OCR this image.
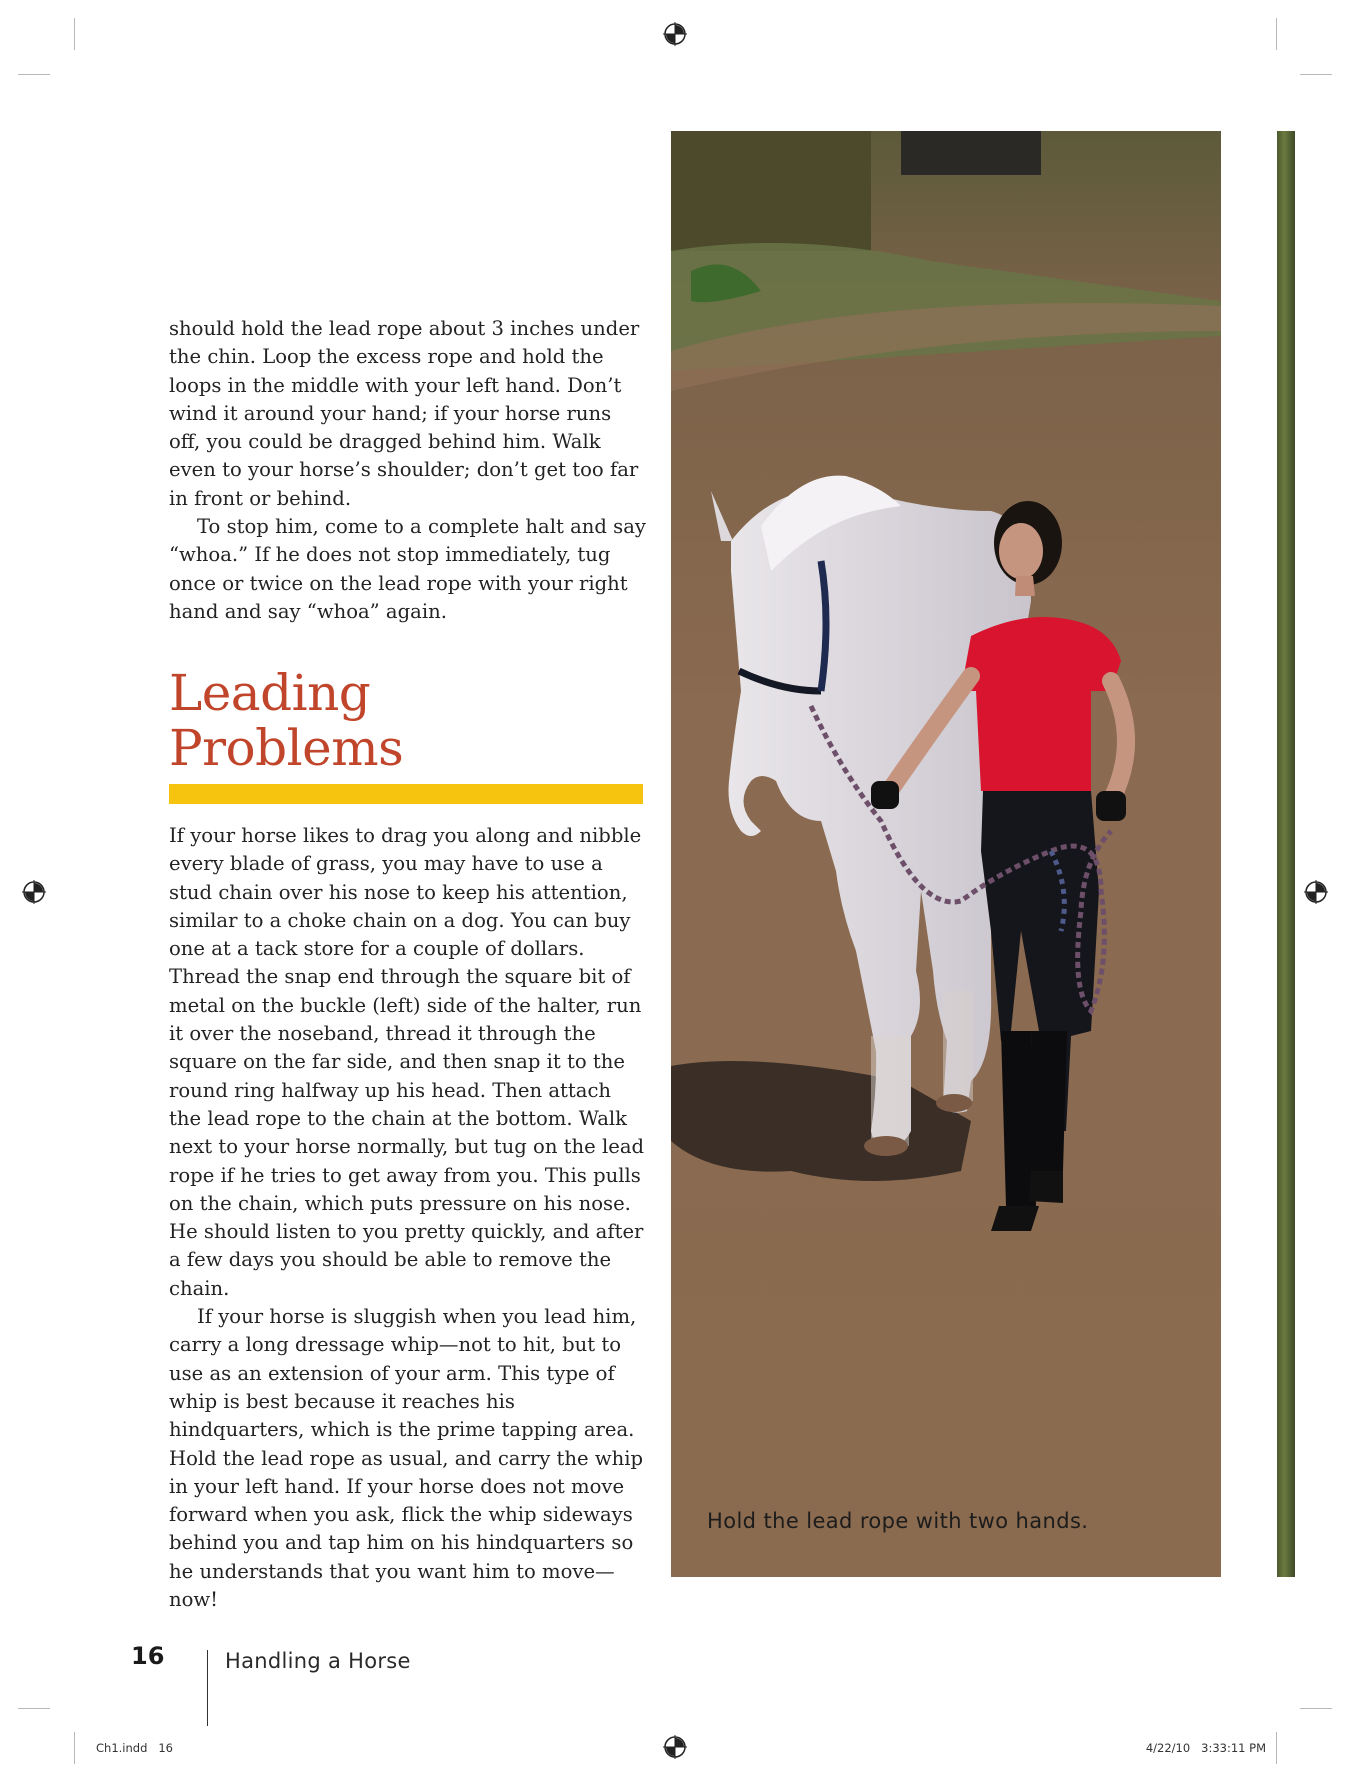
should hold the lead rope about 3 inches under the chin. Loop the excess rope and hold the loops in the middle with your left hand. Don’t wind it around your hand; if your horse runs off, you could be dragged behind him. Walk even to your horse’s shoulder; don’t get too far in front or behind.

To stop him, come to a complete halt and say “whoa.” If he does not stop immediately, tug once or twice on the lead rope with your right hand and say “whoa” again.

Leading
Problems

If your horse likes to drag you along and nibble every blade of grass, you may have to use a stud chain over his nose to keep his attention, similar to a choke chain on a dog. You can buy one at a tack store for a couple of dollars. Thread the snap end through the square bit of metal on the buckle (left) side of the halter, run it over the noseband, thread it through the square on the far side, and then snap it to the round ring halfway up his head. Then attach the lead rope to the chain at the bottom. Walk next to your horse normally, but tug on the lead rope if he tries to get away from you. This pulls on the chain, which puts pressure on his nose. He should listen to you pretty quickly, and after a few days you should be able to remove the chain.

If your horse is sluggish when you lead him, carry a long dressage whip—not to hit, but to use as an extension of your arm. This type of whip is best because it reaches his hindquarters, which is the prime tapping area. Hold the lead rope as usual, and carry the whip in your left hand. If your horse does not move forward when you ask, flick the whip sideways behind you and tap him on his hindquarters so he understands that you want him to move—now!

Hold the lead rope with two hands.
16	Handling a Horse
Ch1.indd   16	4/22/10   3:33:11 PM
